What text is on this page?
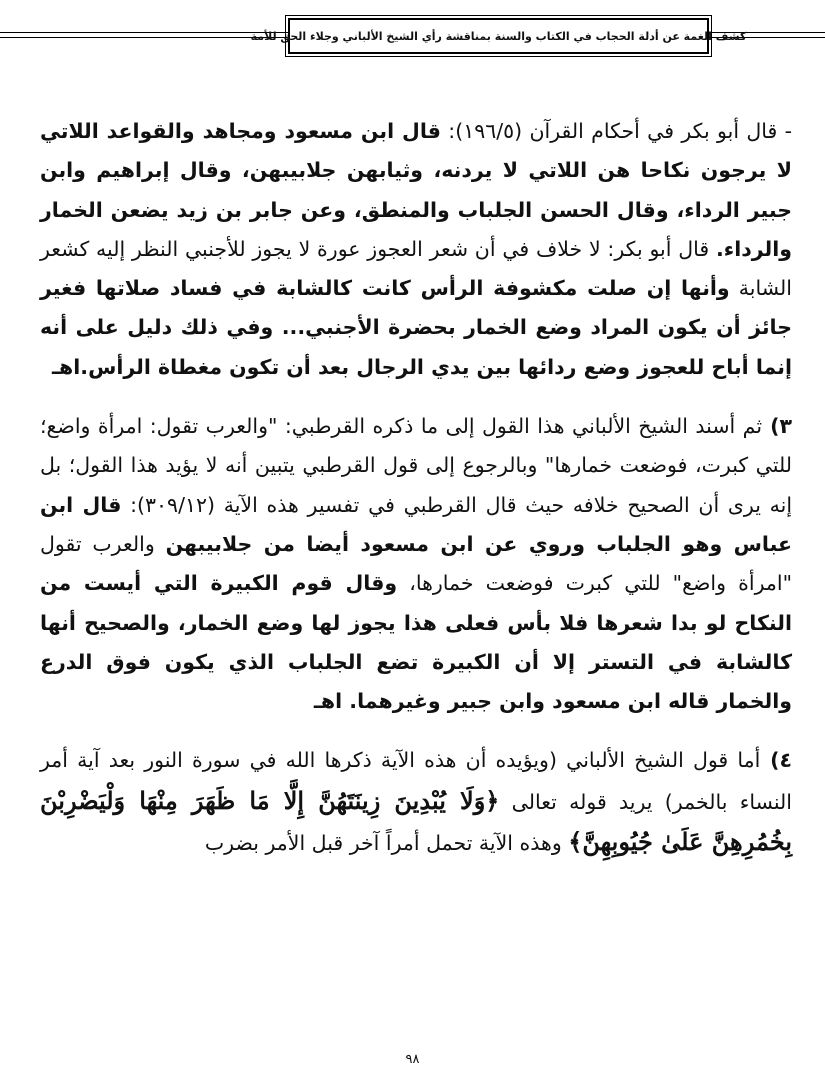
كشف الغمة عن أدلة الحجاب في الكتاب والسنة بمناقشة رأي الشيخ الألباني وجلاء الحق للأمة

- قال أبو بكر في أحكام القرآن (١٩٦/٥): قال ابن مسعود ومجاهد والقواعد اللاتي لا يرجون نكاحا هن اللاتي لا يردنه، وثيابهن جلابيبهن، وقال إبراهيم وابن جبير الرداء، وقال الحسن الجلباب والمنطق، وعن جابر بن زيد يضعن الخمار والرداء. قال أبو بكر: لا خلاف في أن شعر العجوز عورة لا يجوز للأجنبي النظر إليه كشعر الشابة وأنها إن صلت مكشوفة الرأس كانت كالشابة في فساد صلاتها فغير جائز أن يكون المراد وضع الخمار بحضرة الأجنبي... وفي ذلك دليل على أنه إنما أباح للعجوز وضع ردائها بين يدي الرجال بعد أن تكون مغطاة الرأس.اهـ

٣) ثم أسند الشيخ الألباني هذا القول إلى ما ذكره القرطبي: "والعرب تقول: امرأة واضع؛ للتي كبرت، فوضعت خمارها" وبالرجوع إلى قول القرطبي يتبين أنه لا يؤيد هذا القول؛ بل إنه يرى أن الصحيح خلافه حيث قال القرطبي في تفسير هذه الآية (٣٠٩/١٢): قال ابن عباس وهو الجلباب وروي عن ابن مسعود أيضا من جلابيبهن والعرب تقول "امرأة واضع" للتي كبرت فوضعت خمارها، وقال قوم الكبيرة التي أيست من النكاح لو بدا شعرها فلا بأس فعلى هذا يجوز لها وضع الخمار، والصحيح أنها كالشابة في التستر إلا أن الكبيرة تضع الجلباب الذي يكون فوق الدرع والخمار قاله ابن مسعود وابن جبير وغيرهما. اهـ

٤) أما قول الشيخ الألباني (ويؤيده أن هذه الآية ذكرها الله في سورة النور بعد آية أمر النساء بالخمر) يريد قوله تعالى ﴿وَلَا يُبْدِينَ زِينَتَهُنَّ إِلَّا مَا ظَهَرَ مِنْهَا وَلْيَضْرِبْنَ بِخُمُرِهِنَّ عَلَىٰ جُيُوبِهِنَّ﴾ وهذه الآية تحمل أمراً آخر قبل الأمر بضرب

٩٨
